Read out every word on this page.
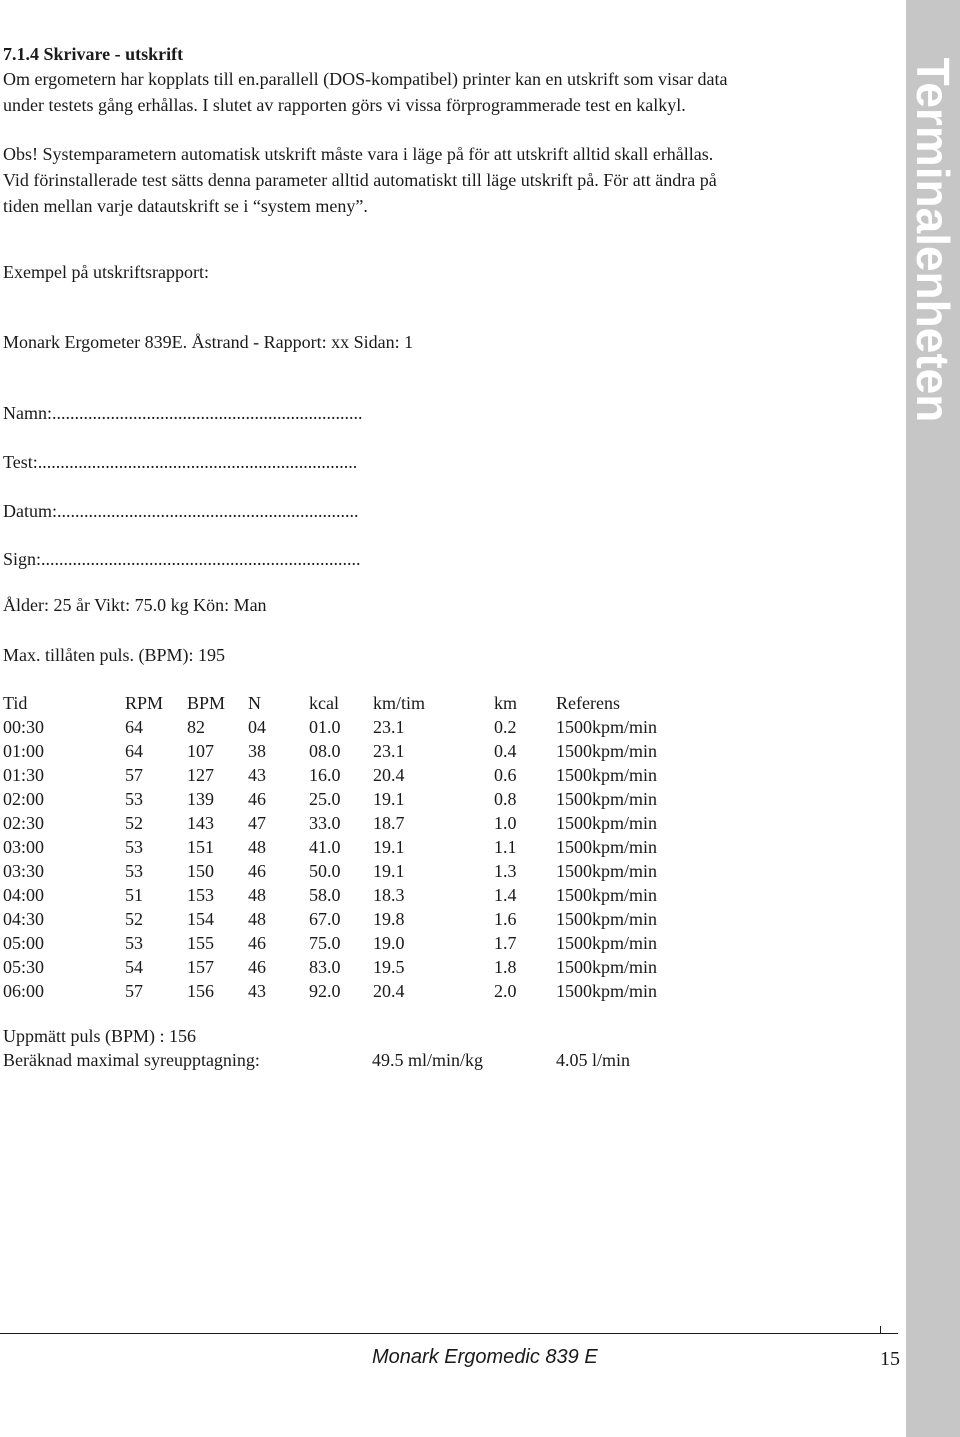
7.1.4 Skrivare - utskrift
Om ergometern har kopplats till en.parallell (DOS-kompatibel) printer kan en utskrift som visar data
under testets gång erhållas. I slutet av rapporten görs vi vissa förprogrammerade test en kalkyl.
Obs! Systemparametern automatisk utskrift måste vara i läge på för att utskrift alltid skall erhållas.
Vid förinstallerade test sätts denna parameter alltid automatiskt till läge utskrift på. För att ändra på
tiden mellan varje datautskrift se i “system meny”.
Exempel på utskriftsrapport:
Monark Ergometer 839E. Åstrand - Rapport: xx Sidan: 1
Namn:.....................................................................
Test:.......................................................................
Datum:...................................................................
Sign:.......................................................................
Ålder: 25 år Vikt: 75.0 kg Kön: Man
Max. tillåten puls. (BPM): 195
Tid	RPM	BPM	N	kcal	km/tim	km	Referens
00:30	64	82	04	01.0	23.1	0.2	1500kpm/min
01:00	64	107	38	08.0	23.1	0.4	1500kpm/min
01:30	57	127	43	16.0	20.4	0.6	1500kpm/min
02:00	53	139	46	25.0	19.1	0.8	1500kpm/min
02:30	52	143	47	33.0	18.7	1.0	1500kpm/min
03:00	53	151	48	41.0	19.1	1.1	1500kpm/min
03:30	53	150	46	50.0	19.1	1.3	1500kpm/min
04:00	51	153	48	58.0	18.3	1.4	1500kpm/min
04:30	52	154	48	67.0	19.8	1.6	1500kpm/min
05:00	53	155	46	75.0	19.0	1.7	1500kpm/min
05:30	54	157	46	83.0	19.5	1.8	1500kpm/min
06:00	57	156	43	92.0	20.4	2.0	1500kpm/min
Uppmätt puls (BPM) : 156
Beräknad maximal syreupptagning:	49.5 ml/min/kg	4.05 l/min
Terminalenheten
Monark Ergomedic 839 E	15
